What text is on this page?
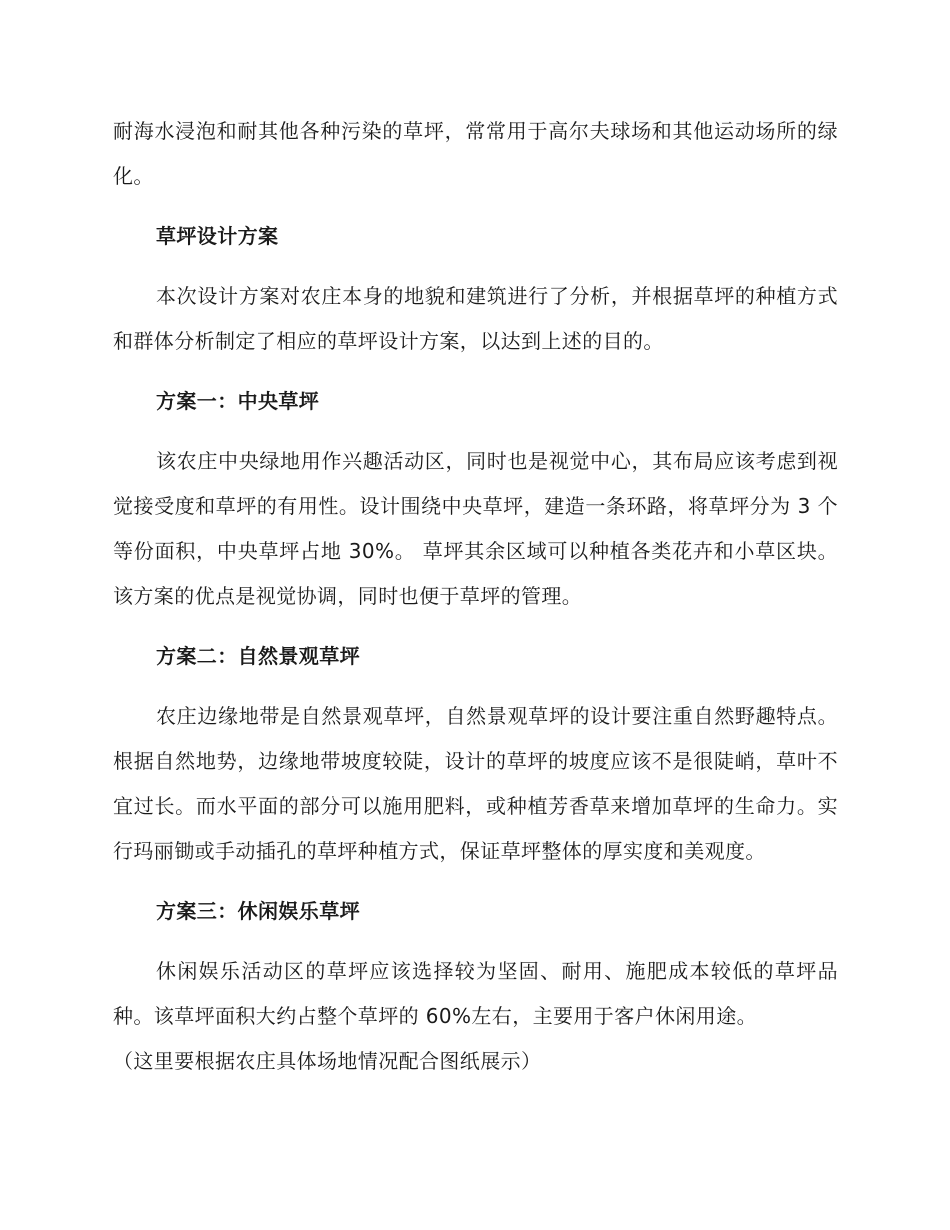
耐海水浸泡和耐其他各种污染的草坪，常常用于高尔夫球场和其他运动场所的绿化。

草坪设计方案

本次设计方案对农庄本身的地貌和建筑进行了分析，并根据草坪的种植方式和群体分析制定了相应的草坪设计方案，以达到上述的目的。

方案一：中央草坪

该农庄中央绿地用作兴趣活动区，同时也是视觉中心，其布局应该考虑到视觉接受度和草坪的有用性。设计围绕中央草坪，建造一条环路，将草坪分为 3 个等份面积，中央草坪占地 30%。 草坪其余区域可以种植各类花卉和小草区块。该方案的优点是视觉协调，同时也便于草坪的管理。

方案二：自然景观草坪

农庄边缘地带是自然景观草坪，自然景观草坪的设计要注重自然野趣特点。根据自然地势，边缘地带坡度较陡，设计的草坪的坡度应该不是很陡峭，草叶不宜过长。而水平面的部分可以施用肥料，或种植芳香草来增加草坪的生命力。实行玛丽锄或手动插孔的草坪种植方式，保证草坪整体的厚实度和美观度。

方案三：休闲娱乐草坪

休闲娱乐活动区的草坪应该选择较为坚固、耐用、施肥成本较低的草坪品种。该草坪面积大约占整个草坪的 60%左右，主要用于客户休闲用途。

（这里要根据农庄具体场地情况配合图纸展示）
